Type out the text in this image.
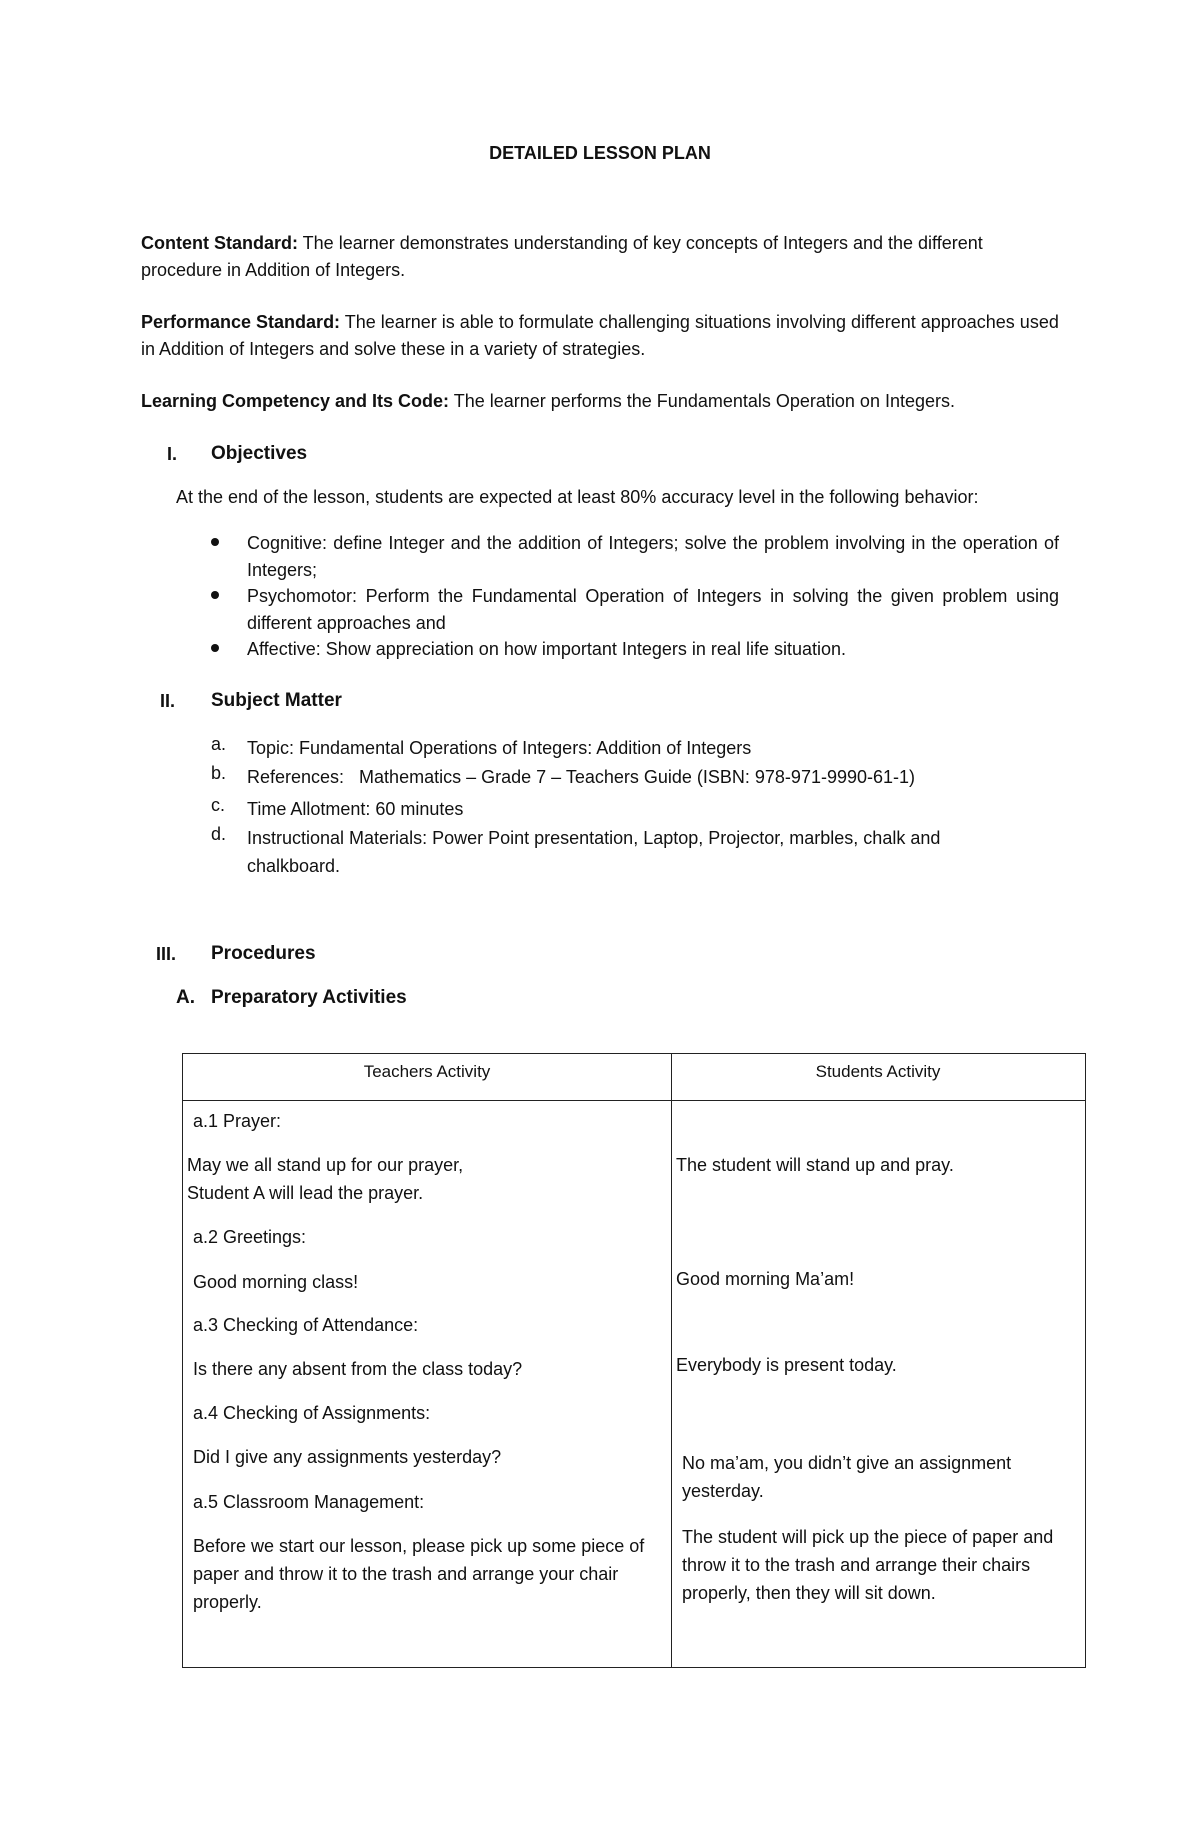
DETAILED LESSON PLAN
Content Standard: The learner demonstrates understanding of key concepts of Integers and the different procedure in Addition of Integers.
Performance Standard: The learner is able to formulate challenging situations involving different approaches used in Addition of Integers and solve these in a variety of strategies.
Learning Competency and Its Code: The learner performs the Fundamentals Operation on Integers.
I. Objectives
At the end of the lesson, students are expected at least 80% accuracy level in the following behavior:
Cognitive: define Integer and the addition of Integers; solve the problem involving in the operation of Integers;
Psychomotor: Perform the Fundamental Operation of Integers in solving the given problem using different approaches and
Affective: Show appreciation on how important Integers in real life situation.
II. Subject Matter
a. Topic: Fundamental Operations of Integers: Addition of Integers
b. References:   Mathematics – Grade 7 – Teachers Guide (ISBN: 978-971-9990-61-1)
c. Time Allotment: 60 minutes
d. Instructional Materials: Power Point presentation, Laptop, Projector, marbles, chalk and chalkboard.
III. Procedures
A. Preparatory Activities
Teachers Activity	Students Activity
a.1 Prayer:
May we all stand up for our prayer,
Student A will lead the prayer.
a.2 Greetings:
Good morning class!
a.3 Checking of Attendance:
Is there any absent from the class today?
a.4 Checking of Assignments:
Did I give any assignments yesterday?
a.5 Classroom Management:
Before we start our lesson, please pick up some piece of paper and throw it to the trash and arrange your chair properly.
The student will stand up and pray.
Good morning Ma’am!
Everybody is present today.
No ma’am, you didn’t give an assignment yesterday.
The student will pick up the piece of paper and throw it to the trash and arrange their chairs properly, then they will sit down.
